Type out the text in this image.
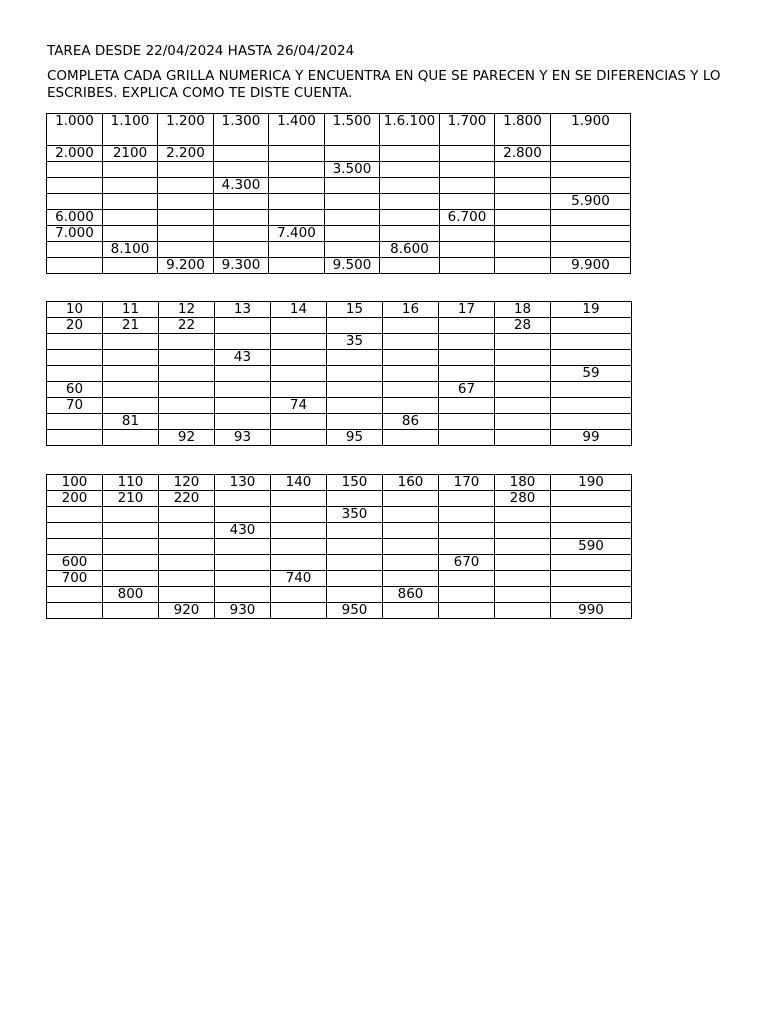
TAREA DESDE 22/04/2024 HASTA 26/04/2024
COMPLETA CADA GRILLA NUMERICA Y ENCUENTRA EN QUE SE PARECEN Y EN SE DIFERENCIAS Y LO ESCRIBES. EXPLICA COMO TE DISTE CUENTA.
1.000	1.100	1.200	1.300	1.400	1.500	1.6.100	1.700	1.800	1.900
2.000	2100	2.200						2.800	
					3.500				
			4.300						
									5.900
6.000							6.700		
7.000				7.400					
	8.100					8.600			
		9.200	9.300		9.500				9.900
10	11	12	13	14	15	16	17	18	19
20	21	22						28	
					35				
			43						
									59
60							67		
70				74					
	81					86			
		92	93		95				99
100	110	120	130	140	150	160	170	180	190
200	210	220						280	
					350				
			430						
									590
600							670		
700				740					
	800					860			
		920	930		950				990
